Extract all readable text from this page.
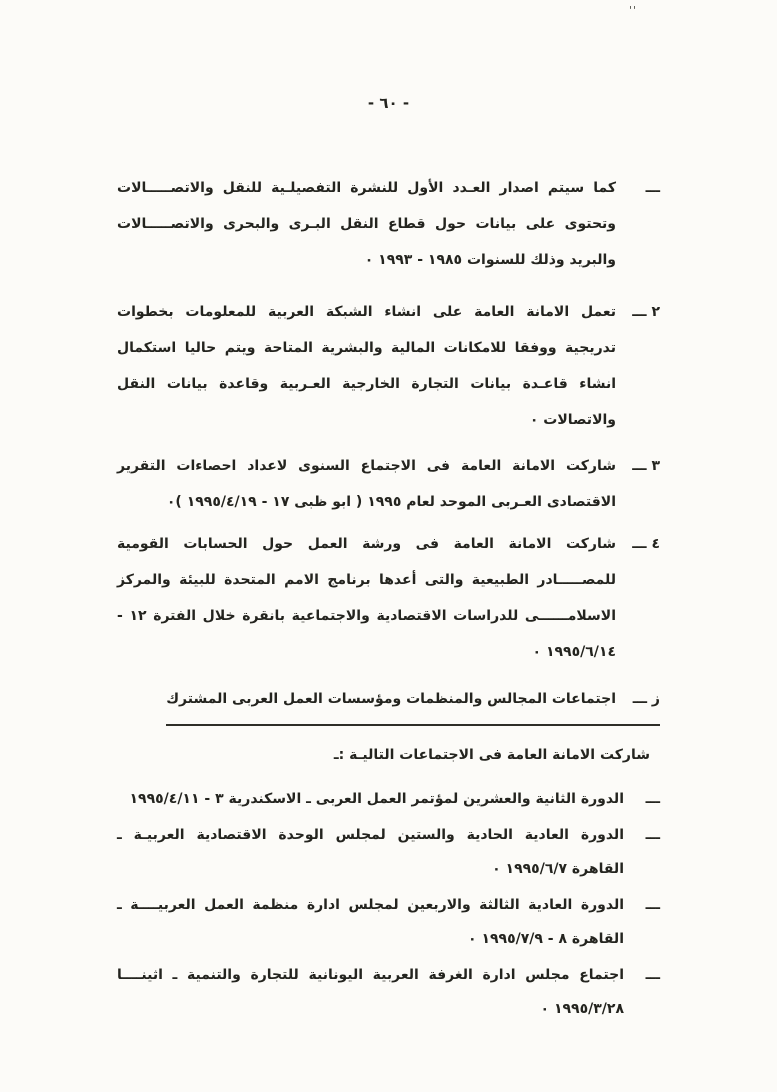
''
- ٦٠ -
ـــ
كما سيتم اصدار العـدد الأول للنشرة التفصيلـية للنقل والاتصـــــالات وتحتوى على بيانات حول قطاع النقل البـرى والبحرى والاتصـــــالات والبريد وذلك للسنوات ١٩٨٥ - ١٩٩٣ ٠
٢ ـــ
تعمل الامانة العامة على انشاء الشبكة العربية للمعلومات بخطوات تدريجية ووفقا للامكانات المالية والبشرية المتاحة ويتم حاليا استكمال انشاء قاعـدة بيانات التجارة الخارجية العـربية وقاعدة بيانات النقل والاتصالات ٠
٣ ـــ
شاركت الامانة العامة فى الاجتماع السنوى لاعداد احصاءات التقرير الاقتصادى العـربى الموحد لعام ١٩٩٥ ( ابو ظبى ١٧ - ١٩٩٥/٤/١٩ )٠
٤ ـــ
شاركت الامانة العامة فى ورشة العمل حول الحسابات القومية للمصـــــادر الطبيعية والتى أعدها برنامج الامم المتحدة للبيئة والمركز الاسلامــــــى للدراسات الاقتصادية والاجتماعية بانقرة خلال الفترة ١٢ - ١٩٩٥/٦/١٤ ٠
ز ـــ
اجتماعات المجالس والمنظمات ومؤسسات العمل العربى المشترك
شاركت الامانة العامة فى الاجتماعات التاليـة :ـ
ـــ
الدورة الثانية والعشرين لمؤتمر العمل العربى ـ الاسكندرية ٣ - ١٩٩٥/٤/١١
ـــ
الدورة العادية الحادية والستين لمجلس الوحدة الاقتصادية العربيـة ـ القاهرة ١٩٩٥/٦/٧ ٠
ـــ
الدورة العادية الثالثة والاربعين لمجلس ادارة منظمة العمل العربيــــة ـ القاهرة ٨ - ١٩٩٥/٧/٩ ٠
ـــ
اجتماع مجلس ادارة الغرفة العربية اليونانية للتجارة والتنمية ـ اثينــــا ١٩٩٥/٣/٢٨ ٠
